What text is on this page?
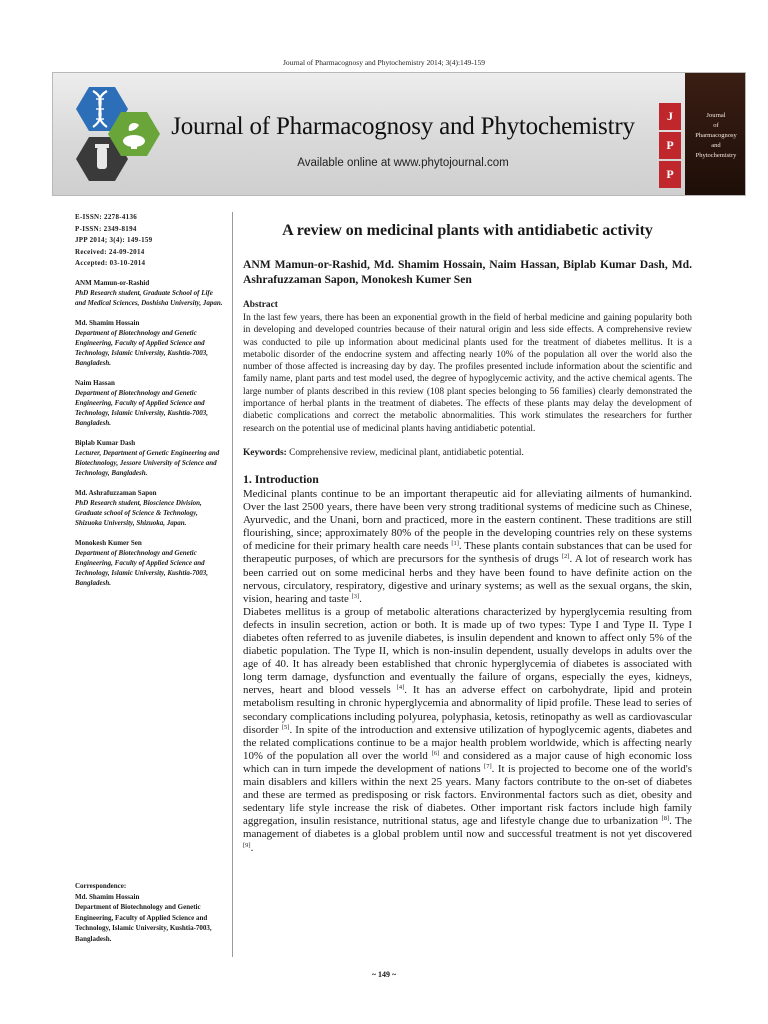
Journal of Pharmacognosy and Phytochemistry 2014; 3(4):149-159
Journal of Pharmacognosy and Phytochemistry
Available online at www.phytojournal.com
J
P
P
Journal
of
Pharmacognosy
and
Phytochemistry
E-ISSN: 2278-4136
P-ISSN: 2349-8194
JPP 2014; 3(4): 149-159
Received: 24-09-2014
Accepted: 03-10-2014
ANM Mamun-or-Rashid
PhD Research student, Graduate School of Life and Medical Sciences, Doshisha University, Japan.
Md. Shamim Hossain
Department of Biotechnology and Genetic Engineering, Faculty of Applied Science and Technology, Islamic University, Kushtia-7003, Bangladesh.
Naim Hassan
Department of Biotechnology and Genetic Engineering, Faculty of Applied Science and Technology, Islamic University, Kushtia-7003, Bangladesh.
Biplab Kumar Dash
Lecturer, Department of Genetic Engineering and Biotechnology, Jessore University of Science and Technology, Bangladesh.
Md. Ashrafuzzaman Sapon
PhD Research student, Bioscience Division, Graduate school of Science & Technology, Shizuoka University, Shizuoka, Japan.
Monokesh Kumer Sen
Department of Biotechnology and Genetic Engineering, Faculty of Applied Science and Technology, Islamic University, Kushtia-7003, Bangladesh.
Correspondence:
Md. Shamim Hossain
Department of Biotechnology and Genetic Engineering, Faculty of Applied Science and Technology, Islamic University, Kushtia-7003, Bangladesh.
A review on medicinal plants with antidiabetic activity
ANM Mamun-or-Rashid, Md. Shamim Hossain, Naim Hassan, Biplab Kumar Dash, Md. Ashrafuzzaman Sapon, Monokesh Kumer Sen
Abstract
In the last few years, there has been an exponential growth in the field of herbal medicine and gaining popularity both in developing and developed countries because of their natural origin and less side effects. A comprehensive review was conducted to pile up information about medicinal plants used for the treatment of diabetes mellitus. It is a metabolic disorder of the endocrine system and affecting nearly 10% of the population all over the world also the number of those affected is increasing day by day. The profiles presented include information about the scientific and family name, plant parts and test model used, the degree of hypoglycemic activity, and the active chemical agents. The large number of plants described in this review (108 plant species belonging to 56 families) clearly demonstrated the importance of herbal plants in the treatment of diabetes. The effects of these plants may delay the development of diabetic complications and correct the metabolic abnormalities. This work stimulates the researchers for further research on the potential use of medicinal plants having antidiabetic potential.
Keywords: Comprehensive review, medicinal plant, antidiabetic potential.
1. Introduction

Medicinal plants continue to be an important therapeutic aid for alleviating ailments of humankind. Over the last 2500 years, there have been very strong traditional systems of medicine such as Chinese, Ayurvedic, and the Unani, born and practiced, more in the eastern continent. These traditions are still flourishing, since; approximately 80% of the people in the developing countries rely on these systems of medicine for their primary health care needs [1]. These plants contain substances that can be used for therapeutic purposes, of which are precursors for the synthesis of drugs [2]. A lot of research work has been carried out on some medicinal herbs and they have been found to have definite action on the nervous, circulatory, respiratory, digestive and urinary systems; as well as the sexual organs, the skin, vision, hearing and taste [3].

Diabetes mellitus is a group of metabolic alterations characterized by hyperglycemia resulting from defects in insulin secretion, action or both. It is made up of two types: Type I and Type II. Type I diabetes often referred to as juvenile diabetes, is insulin dependent and known to affect only 5% of the diabetic population. The Type II, which is non-insulin dependent, usually develops in adults over the age of 40. It has already been established that chronic hyperglycemia of diabetes is associated with long term damage, dysfunction and eventually the failure of organs, especially the eyes, kidneys, nerves, heart and blood vessels [4]. It has an adverse effect on carbohydrate, lipid and protein metabolism resulting in chronic hyperglycemia and abnormality of lipid profile. These lead to series of secondary complications including polyurea, polyphasia, ketosis, retinopathy as well as cardiovascular disorder [5]. In spite of the introduction and extensive utilization of hypoglycemic agents, diabetes and the related complications continue to be a major health problem worldwide, which is affecting nearly 10% of the population all over the world [6] and considered as a major cause of high economic loss which can in turn impede the development of nations [7]. It is projected to become one of the world's main disablers and killers within the next 25 years. Many factors contribute to the on-set of diabetes and these are termed as predisposing or risk factors. Environmental factors such as diet, obesity and sedentary life style increase the risk of diabetes. Other important risk factors include high family aggregation, insulin resistance, nutritional status, age and lifestyle change due to urbanization [8]. The management of diabetes is a global problem until now and successful treatment is not yet discovered [9].

~ 149 ~
